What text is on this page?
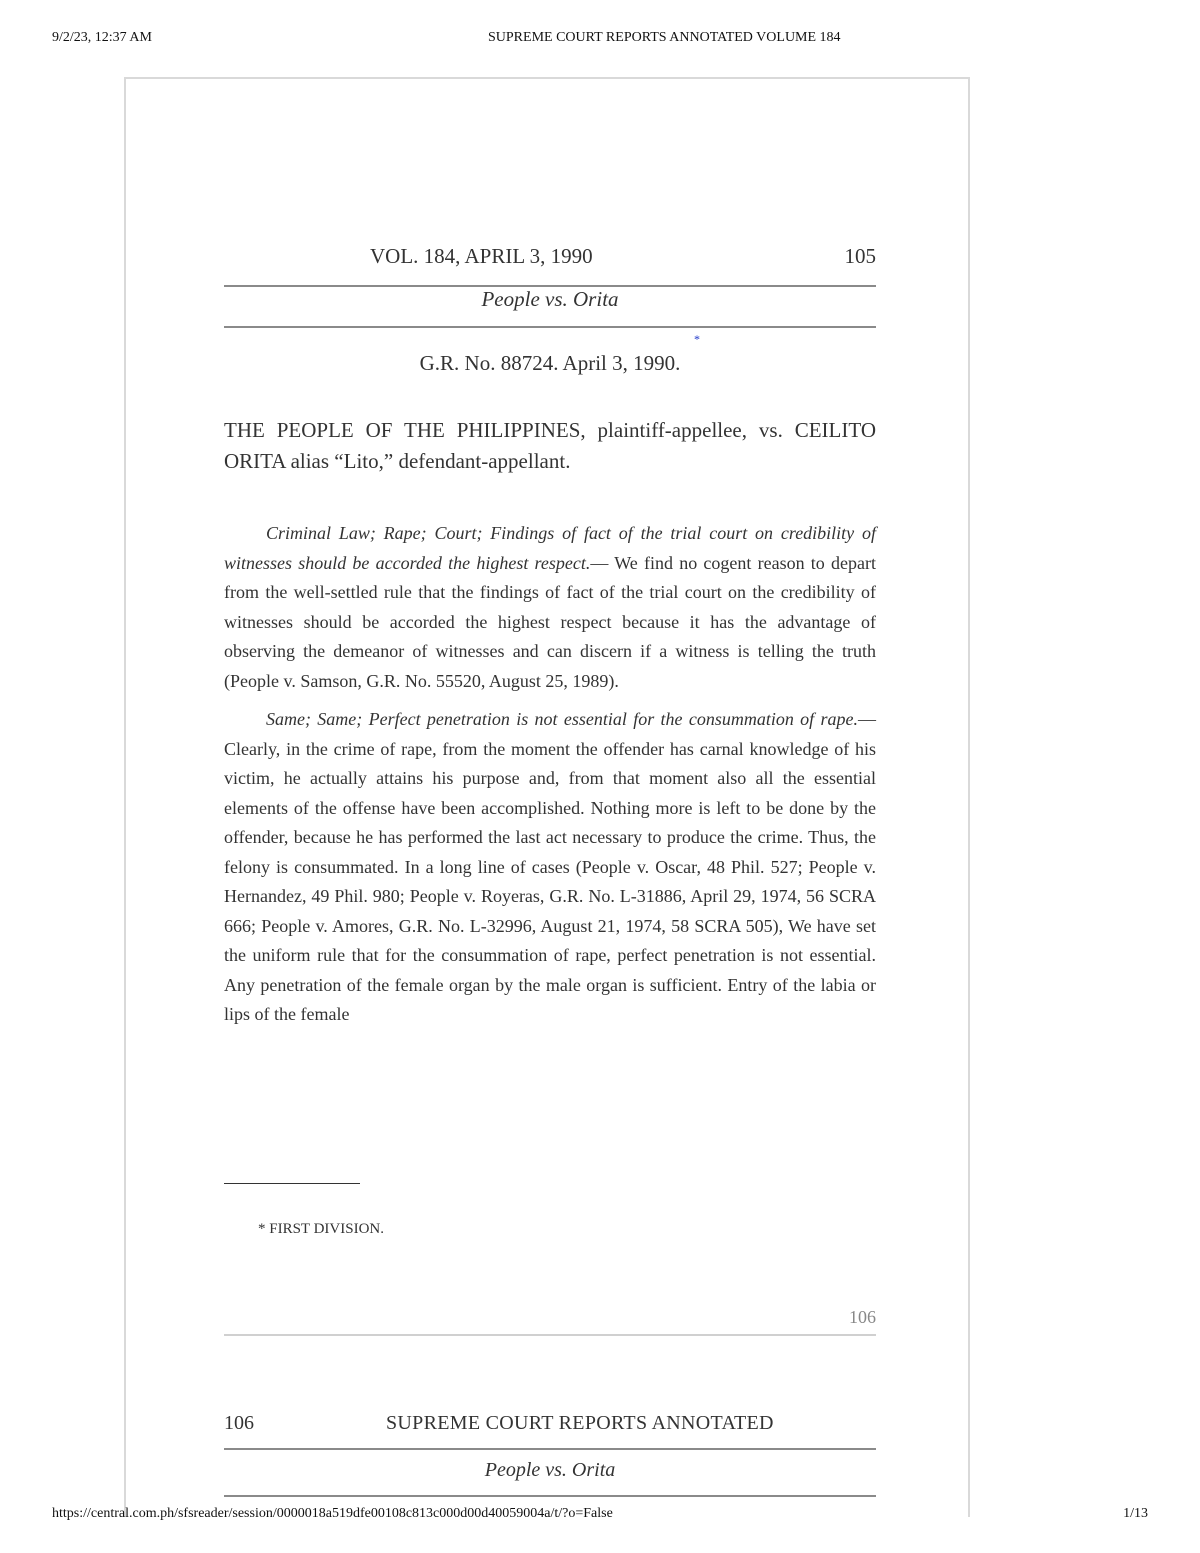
9/2/23, 12:37 AM	SUPREME COURT REPORTS ANNOTATED VOLUME 184
VOL. 184, APRIL 3, 1990	105
People vs. Orita
*
G.R. No. 88724. April 3, 1990.
THE PEOPLE OF THE PHILIPPINES, plaintiff-appellee, vs. CEILITO ORITA alias “Lito,” defendant-appellant.

Criminal Law; Rape; Court; Findings of fact of the trial court on credibility of witnesses should be accorded the highest respect.— We find no cogent reason to depart from the well-settled rule that the findings of fact of the trial court on the credibility of witnesses should be accorded the highest respect because it has the advantage of observing the demeanor of witnesses and can discern if a witness is telling the truth (People v. Samson, G.R. No. 55520, August 25, 1989).

Same; Same; Perfect penetration is not essential for the consummation of rape.— Clearly, in the crime of rape, from the moment the offender has carnal knowledge of his victim, he actually attains his purpose and, from that moment also all the essential elements of the offense have been accomplished. Nothing more is left to be done by the offender, because he has performed the last act necessary to produce the crime. Thus, the felony is consummated. In a long line of cases (People v. Oscar, 48 Phil. 527; People v. Hernandez, 49 Phil. 980; People v. Royeras, G.R. No. L-31886, April 29, 1974, 56 SCRA 666; People v. Amores, G.R. No. L-32996, August 21, 1974, 58 SCRA 505), We have set the uniform rule that for the consummation of rape, perfect penetration is not essential. Any penetration of the female organ by the male organ is sufficient. Entry of the labia or lips of the female

* FIRST DIVISION.
106
106	SUPREME COURT REPORTS ANNOTATED
People vs. Orita
https://central.com.ph/sfsreader/session/0000018a519dfe00108c813c000d00d40059004a/t/?o=False	1/13
